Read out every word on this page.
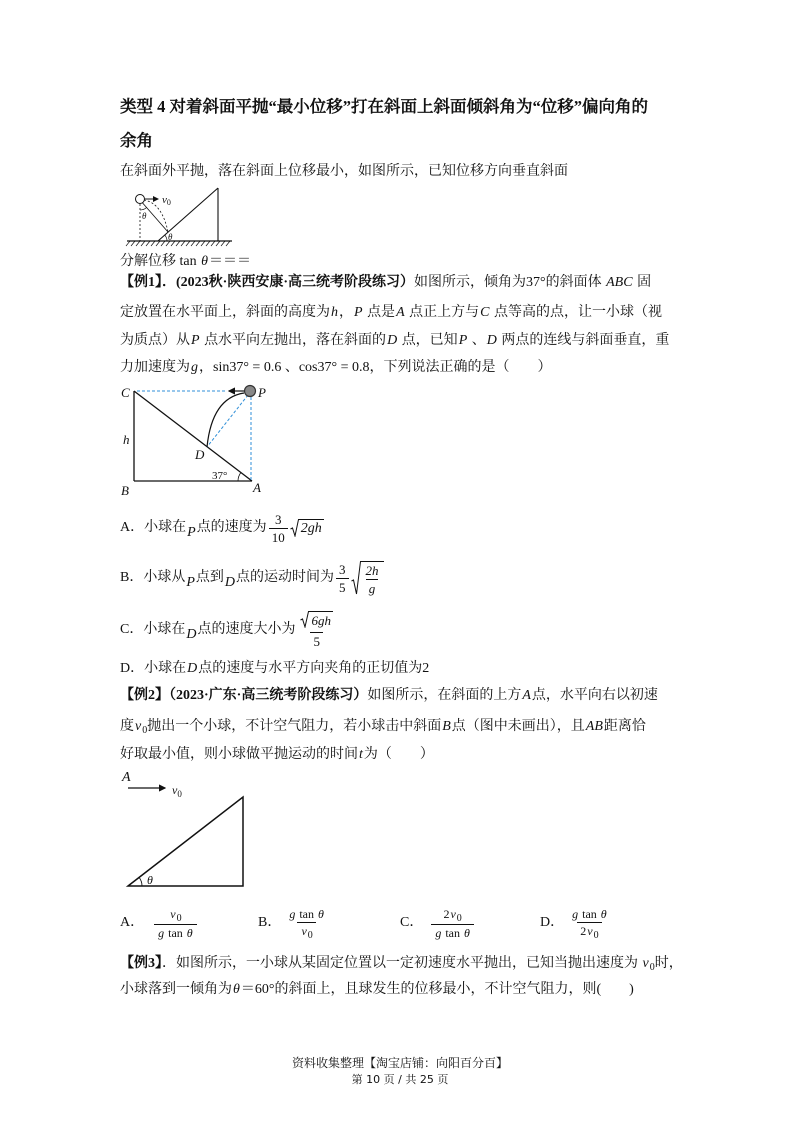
类型 4 对着斜面平抛“最小位移”打在斜面上斜面倾斜角为“位移”偏向角的
余角
在斜面外平抛，落在斜面上位移最小，如图所示，已知位移方向垂直斜面
v0
θ
θ
分解位移 tan θ＝＝＝
【例1】．(2023秋·陕西安康·高三统考阶段练习）如图所示，倾角为37°的斜面体 ABC 固
定放置在水平面上，斜面的高度为h，P 点是A 点正上方与C 点等高的点，让一小球（视
为质点）从P 点水平向左抛出，落在斜面的D 点，已知P 、D 两点的连线与斜面垂直，重
力加速度为g，sin37° = 0.6 、cos37° = 0.8，下列说法正确的是（　　）
C	P
h
D
37°
B	A
A．小球在 P 点的速度为 $\frac{3}{10} 2gh$
B．小球从 P 点到 D 点的运动时间为 $\frac{3}{5} \frac{2h}{g}$
C．小球在 D 点的速度大小为 $\frac{6gh}{5}$
D．小球在D点的速度与水平方向夹角的正切值为2
【例2】（2023·广东·高三统考阶段练习）如图所示，在斜面的上方A点，水平向右以初速
度$v_0$抛出一个小球，不计空气阻力，若小球击中斜面B点（图中未画出），且AB距离恰
好取最小值，则小球做平抛运动的时间t为（　　）
A
$v_0$
θ
A． $\frac{v_0}{\text{g tan θ}}$	B． $\frac{\text{g tan θ}}{v_0}$	C． $\frac{2v_0}{\text{g tan θ}}$	D． $\frac{\text{g tan θ}}{2v_0}$
【例3】．如图所示，一小球从某固定位置以一定初速度水平抛出，已知当抛出速度为 $v_0$时，
小球落到一倾角为θ＝60°的斜面上，且球发生的位移最小，不计空气阻力，则(　　)
资料收集整理【淘宝店铺：向阳百分百】
第 10 页 / 共 25 页
